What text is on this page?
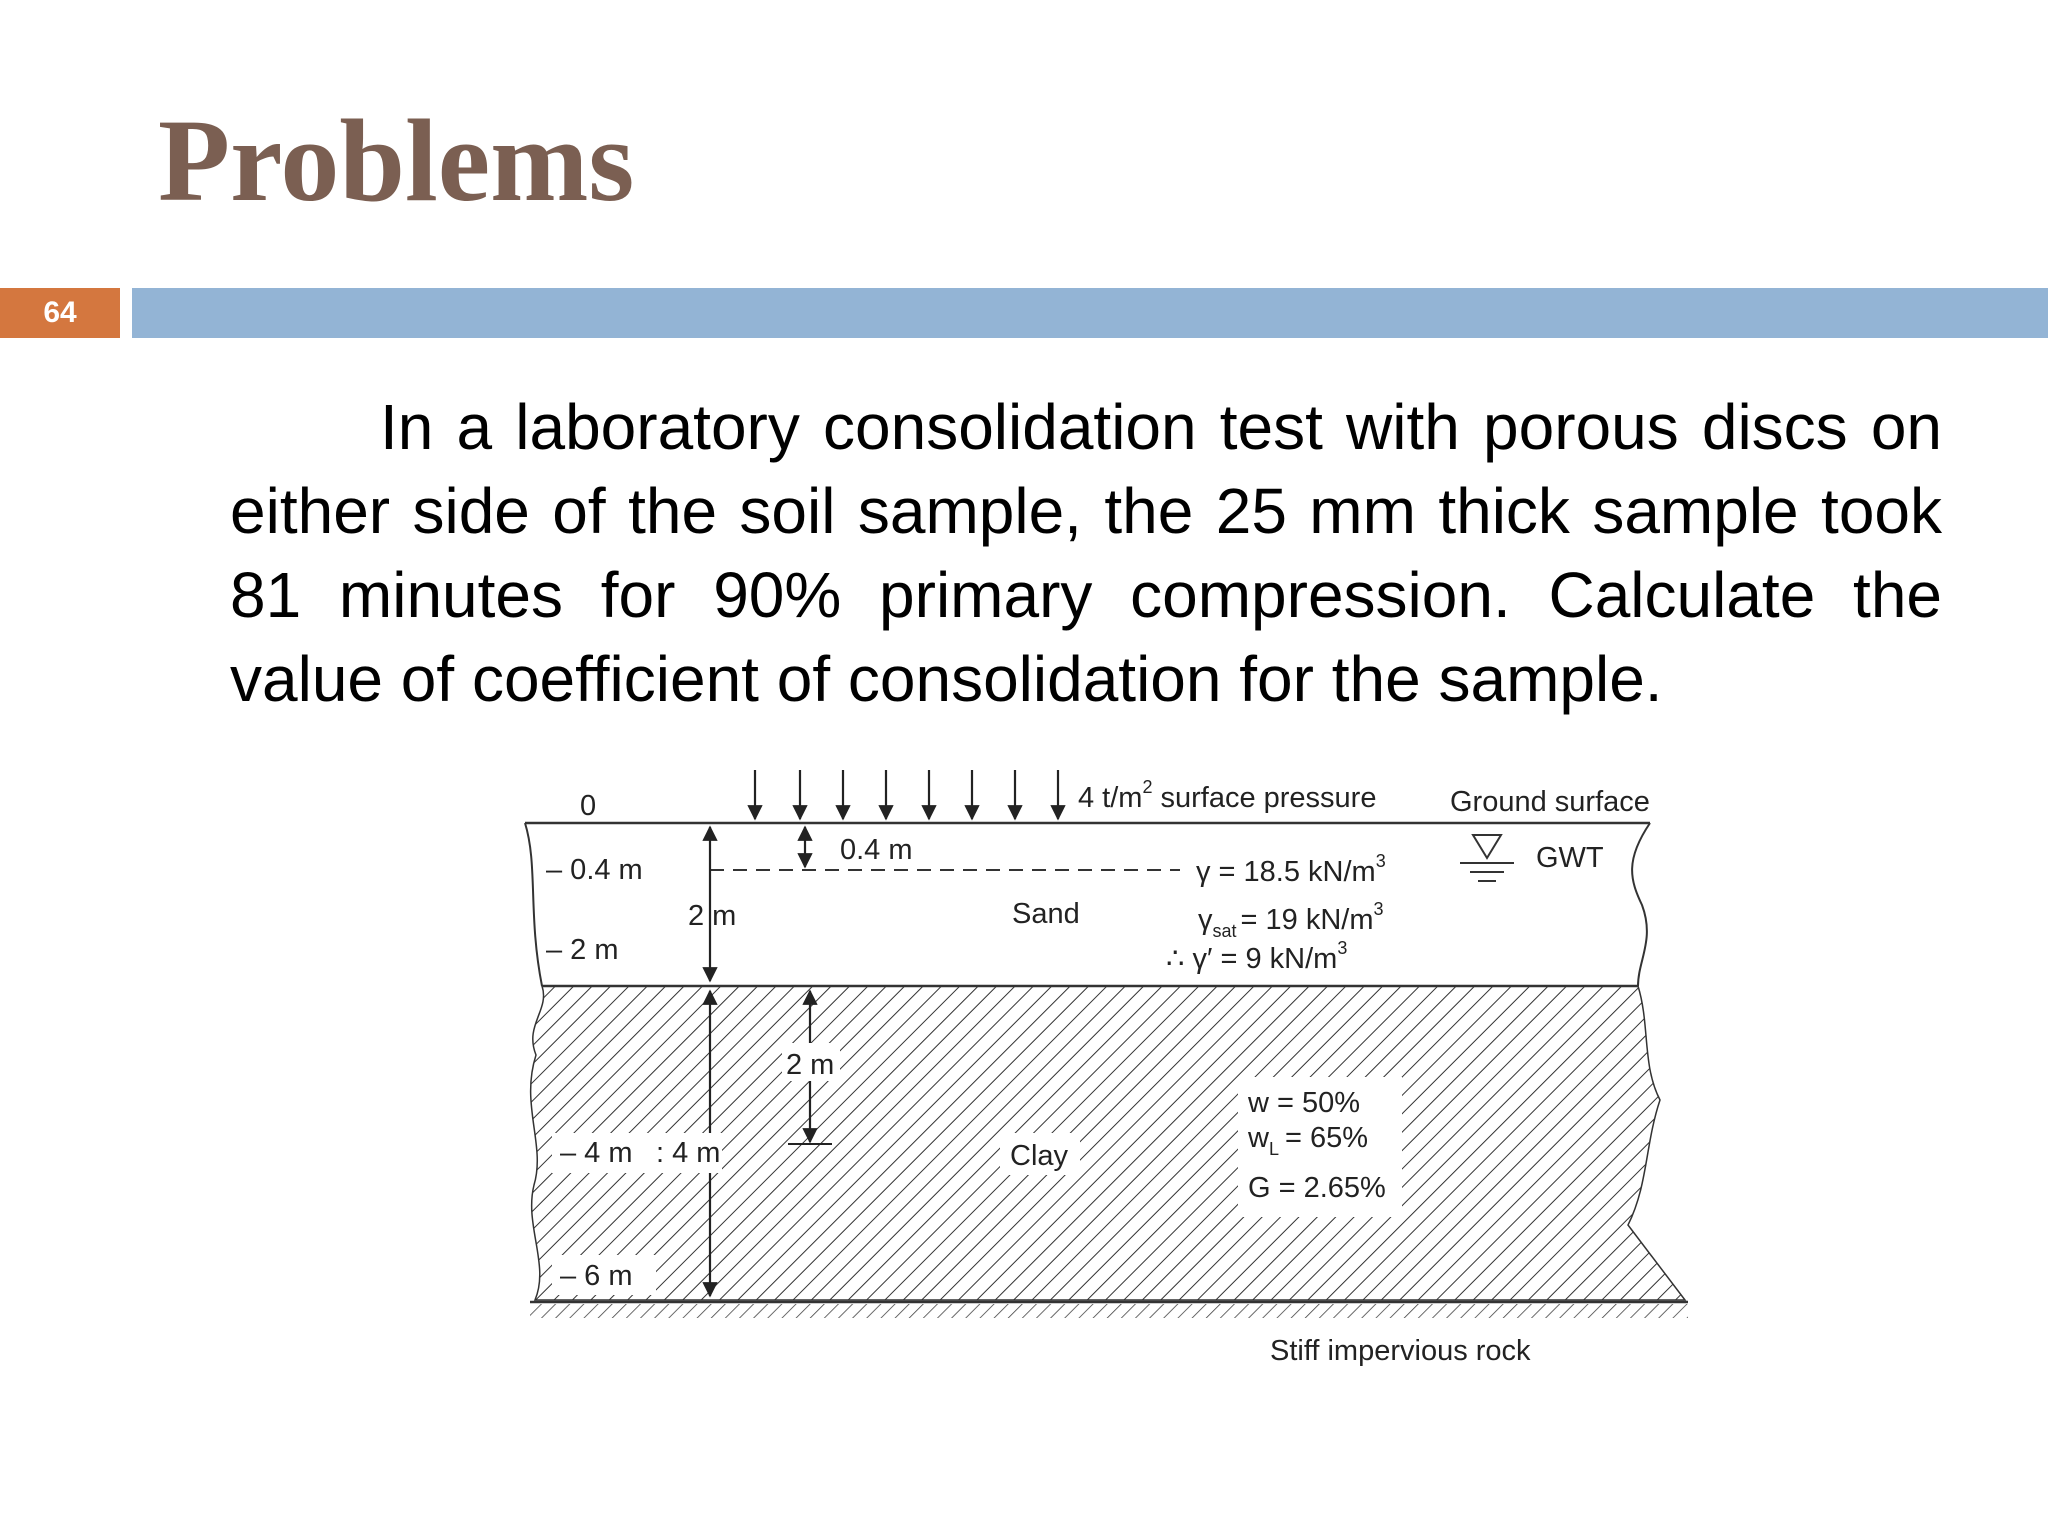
Problems
64

In a laboratory consolidation test with porous discs on either side of the soil sample, the 25 mm thick sample took 81 minutes for 90% primary compression. Calculate the value of coefficient of consolidation for the sample.

0
– 0.4 m
– 2 m
– 4 m
– 6 m
4 $t/m^2$ surface pressure	Ground surface
GWT
0.4 m
2 m
2 m
: 4 m
Sand
Clay
γ = 18.5 $kN/m^3$
$\gamma_{sat} = 19$ $kN/m^3$
∴ γ′ = 9 $kN/m^3$
w = 50%
$w_L = 65\%$
G = 2.65%
Stiff impervious rock
